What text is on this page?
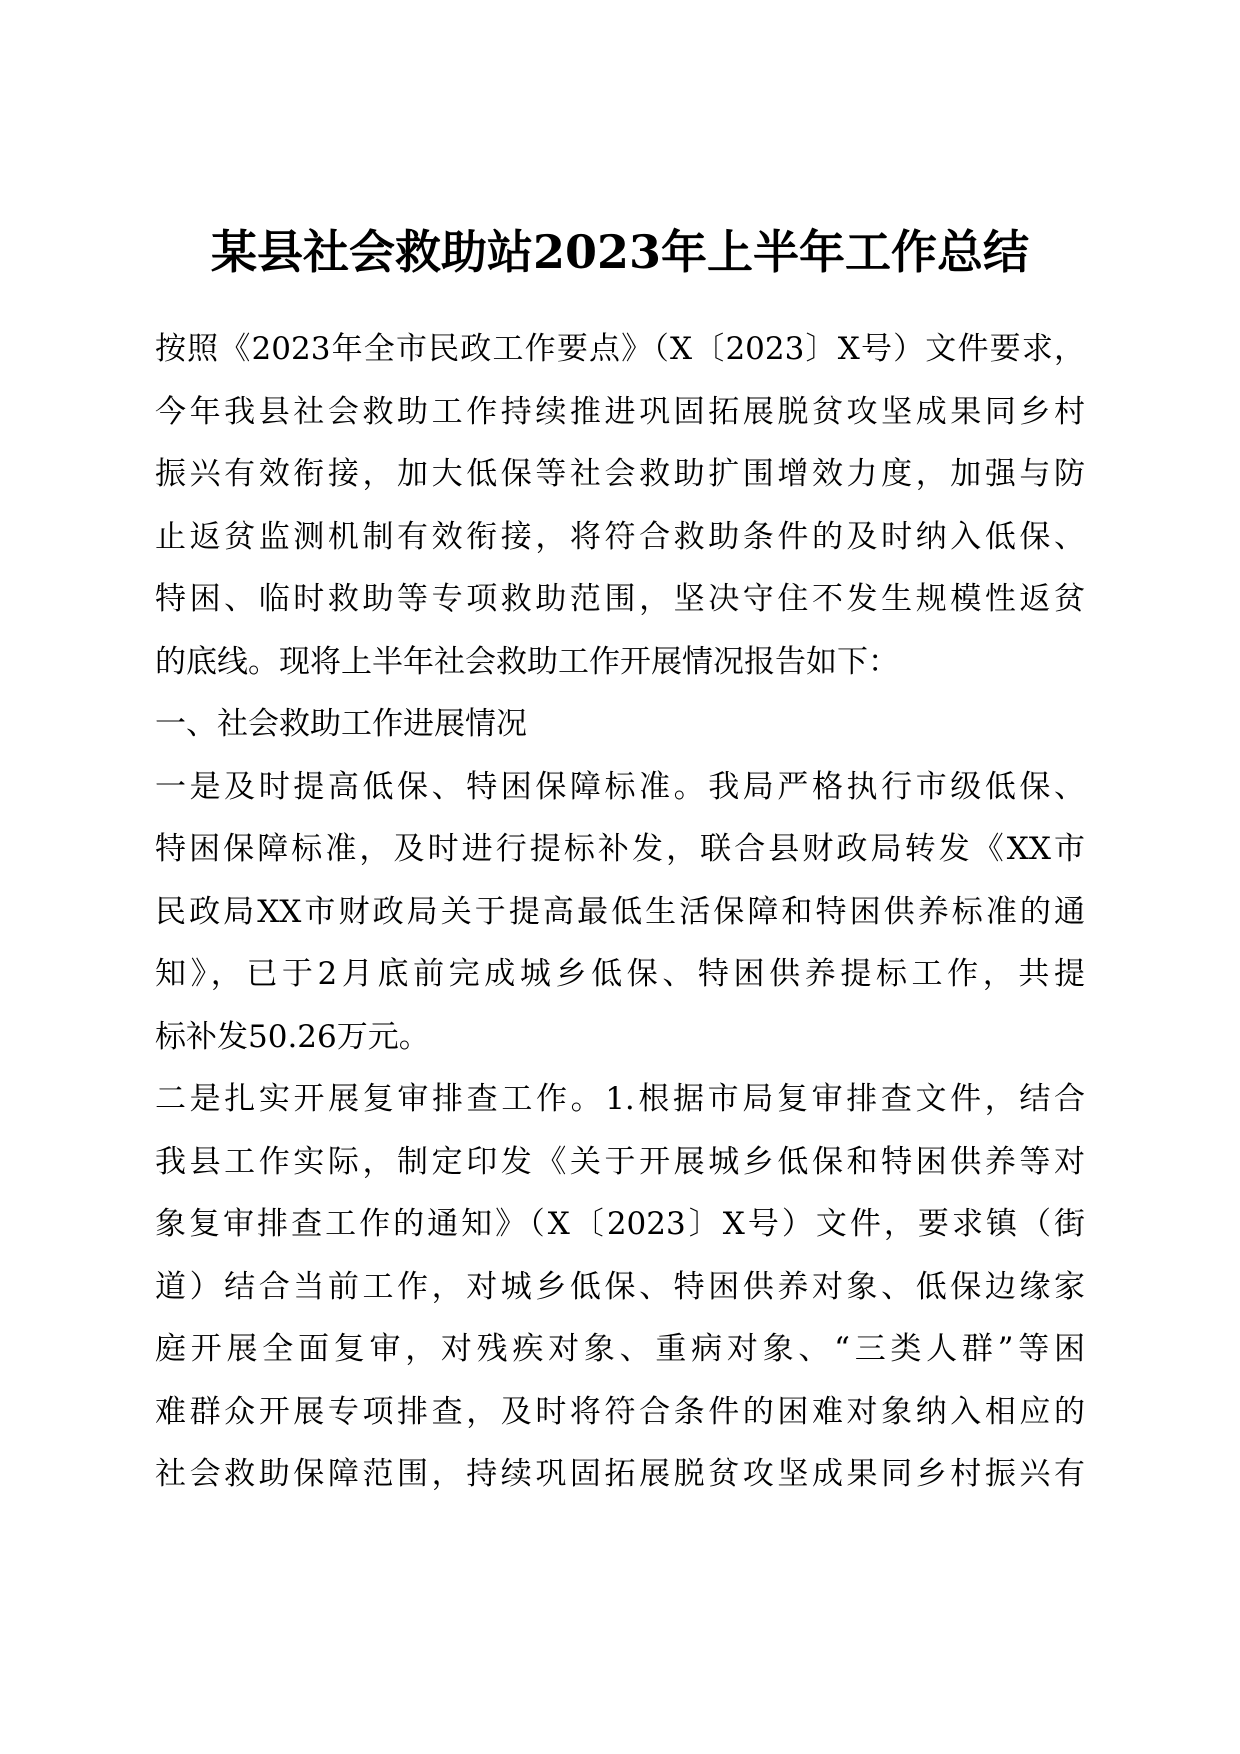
某县社会救助站2023年上半年工作总结
按照《2023年全市民政工作要点》（X〔2023〕X号）文件要求，
今年我县社会救助工作持续推进巩固拓展脱贫攻坚成果同乡村
振兴有效衔接，加大低保等社会救助扩围增效力度，加强与防
止返贫监测机制有效衔接，将符合救助条件的及时纳入低保、
特困、临时救助等专项救助范围，坚决守住不发生规模性返贫
的底线。现将上半年社会救助工作开展情况报告如下：
一、社会救助工作进展情况
一是及时提高低保、特困保障标准。我局严格执行市级低保、
特困保障标准，及时进行提标补发，联合县财政局转发《XX市
民政局XX市财政局关于提高最低生活保障和特困供养标准的通
知》，已于2月底前完成城乡低保、特困供养提标工作，共提
标补发50.26万元。
二是扎实开展复审排查工作。1.根据市局复审排查文件，结合
我县工作实际，制定印发《关于开展城乡低保和特困供养等对
象复审排查工作的通知》（X〔2023〕X号）文件，要求镇（街
道）结合当前工作，对城乡低保、特困供养对象、低保边缘家
庭开展全面复审，对残疾对象、重病对象、“三类人群”等困
难群众开展专项排查，及时将符合条件的困难对象纳入相应的
社会救助保障范围，持续巩固拓展脱贫攻坚成果同乡村振兴有
